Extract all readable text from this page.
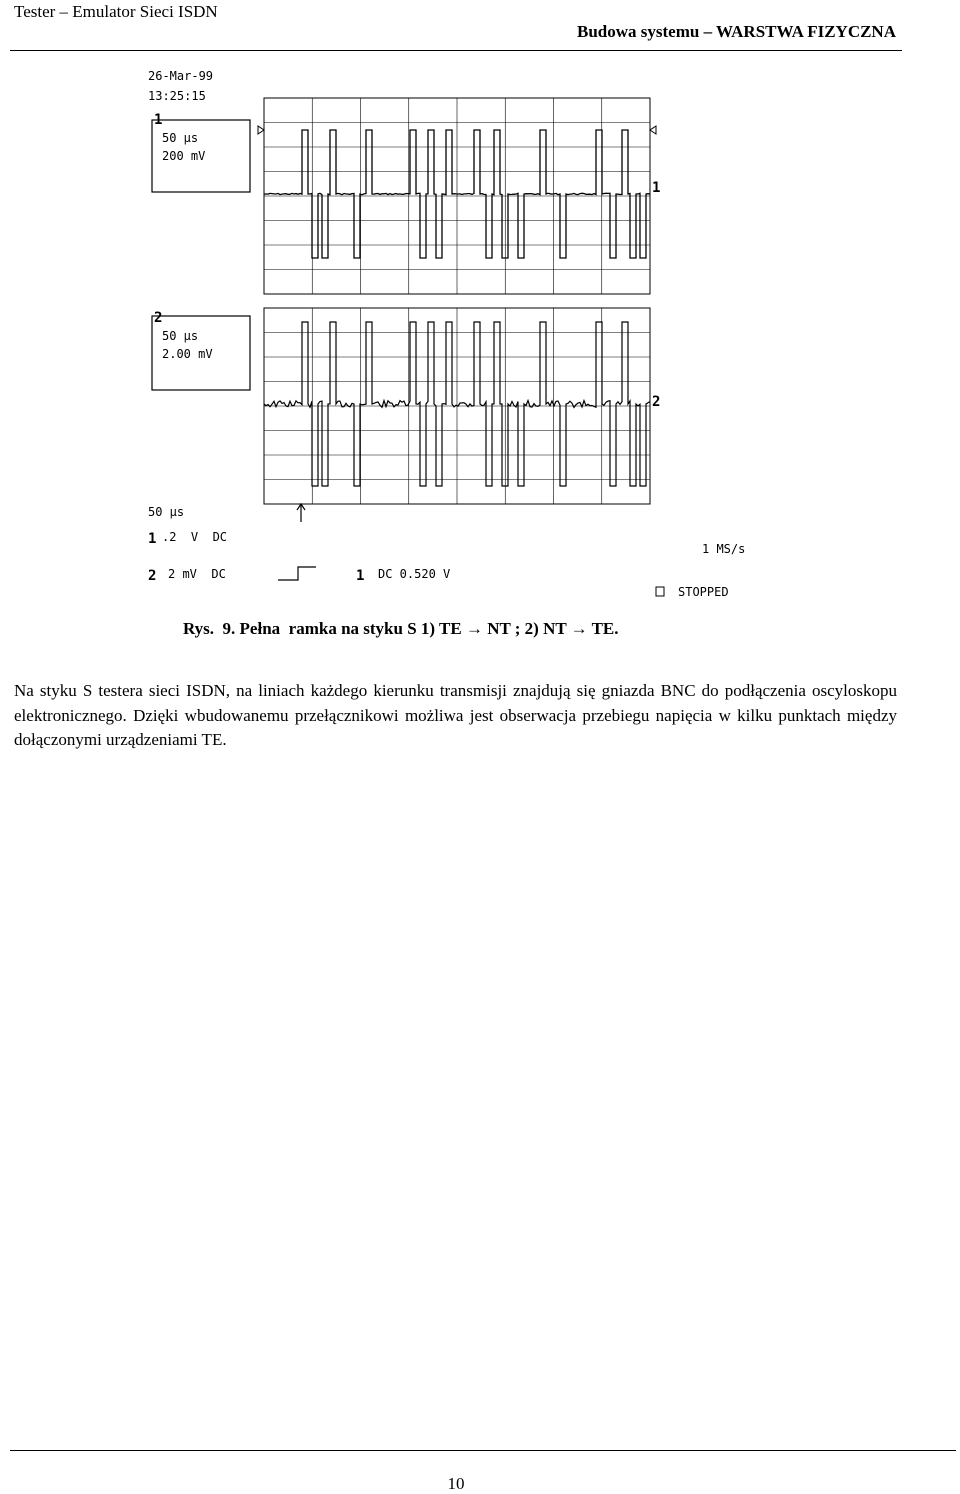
Tester – Emulator Sieci ISDN
Budowa systemu – WARSTWA FIZYCZNA
26-Mar-99
13:25:15
1
50 µs
200 mV
2
50 µs
2.00 mV
1
2
50 µs
1 .2  V  DC
2 2 mV  DC	1 DC 0.520 V
1 MS/s
STOPPED
Rys.  9. Pełna  ramka na styku S 1) TE → NT ; 2) NT → TE.
Na styku S testera sieci ISDN, na liniach każdego kierunku transmisji znajdują się gniazda BNC do podłączenia oscyloskopu elektronicznego. Dzięki wbudowanemu przełącznikowi możliwa jest obserwacja przebiegu napięcia w kilku punktach między dołączonymi urządzeniami TE.
10
